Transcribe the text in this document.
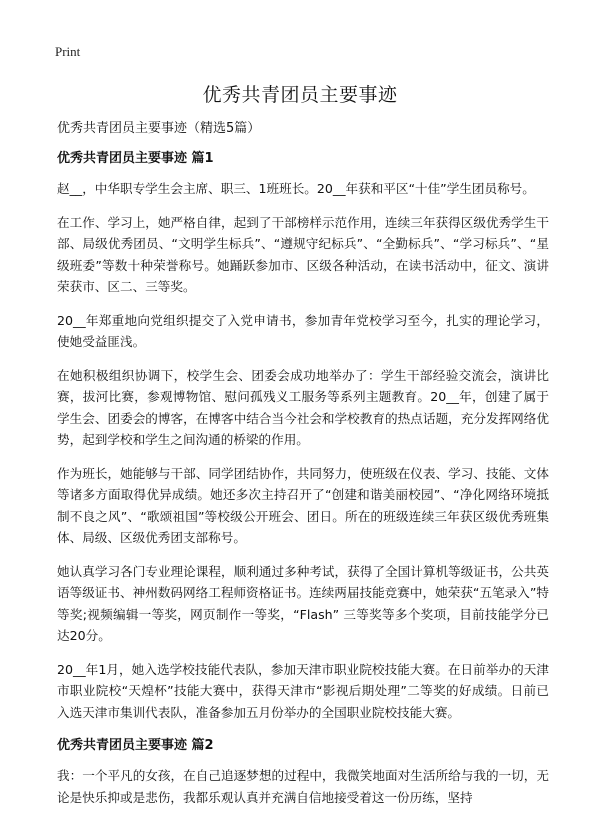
Print
优秀共青团员主要事迹

优秀共青团员主要事迹（精选5篇）

优秀共青团员主要事迹 篇1

赵__，中华职专学生会主席、职三、1班班长。20__年获和平区“十佳”学生团员称号。

在工作、学习上，她严格自律，起到了干部榜样示范作用，连续三年获得区级优秀学生干部、局级优秀团员、“文明学生标兵”、“遵规守纪标兵”、“全勤标兵”、“学习标兵”、“星级班委”等数十种荣誉称号。她踊跃参加市、区级各种活动，在读书活动中，征文、演讲荣获市、区二、三等奖。

20__年郑重地向党组织提交了入党申请书，参加青年党校学习至今，扎实的理论学习，使她受益匪浅。

在她积极组织协调下，校学生会、团委会成功地举办了：学生干部经验交流会，演讲比赛，拔河比赛，参观博物馆、慰问孤残义工服务等系列主题教育。20__年，创建了属于学生会、团委会的博客，在博客中结合当今社会和学校教育的热点话题，充分发挥网络优势，起到学校和学生之间沟通的桥梁的作用。

作为班长，她能够与干部、同学团结协作，共同努力，使班级在仪表、学习、技能、文体等诸多方面取得优异成绩。她还多次主持召开了“创建和谐美丽校园”、“净化网络环境抵制不良之风”、“歌颂祖国”等校级公开班会、团日。所在的班级连续三年获区级优秀班集体、局级、区级优秀团支部称号。

她认真学习各门专业理论课程，顺利通过多种考试，获得了全国计算机等级证书，公共英语等级证书、神州数码网络工程师资格证书。连续两届技能竞赛中，她荣获“五笔录入”特等奖;视频编辑一等奖，网页制作一等奖，“Flash” 三等奖等多个奖项，目前技能学分已达20分。

20__年1月，她入选学校技能代表队，参加天津市职业院校技能大赛。在日前举办的天津市职业院校“天煌杯”技能大赛中，获得天津市“影视后期处理”二等奖的好成绩。日前已入选天津市集训代表队，准备参加五月份举办的全国职业院校技能大赛。

优秀共青团员主要事迹 篇2

我：一个平凡的女孩，在自己追逐梦想的过程中，我微笑地面对生活所给与我的一切，无论是快乐抑或是悲伤，我都乐观认真并充满自信地接受着这一份历练，坚持
